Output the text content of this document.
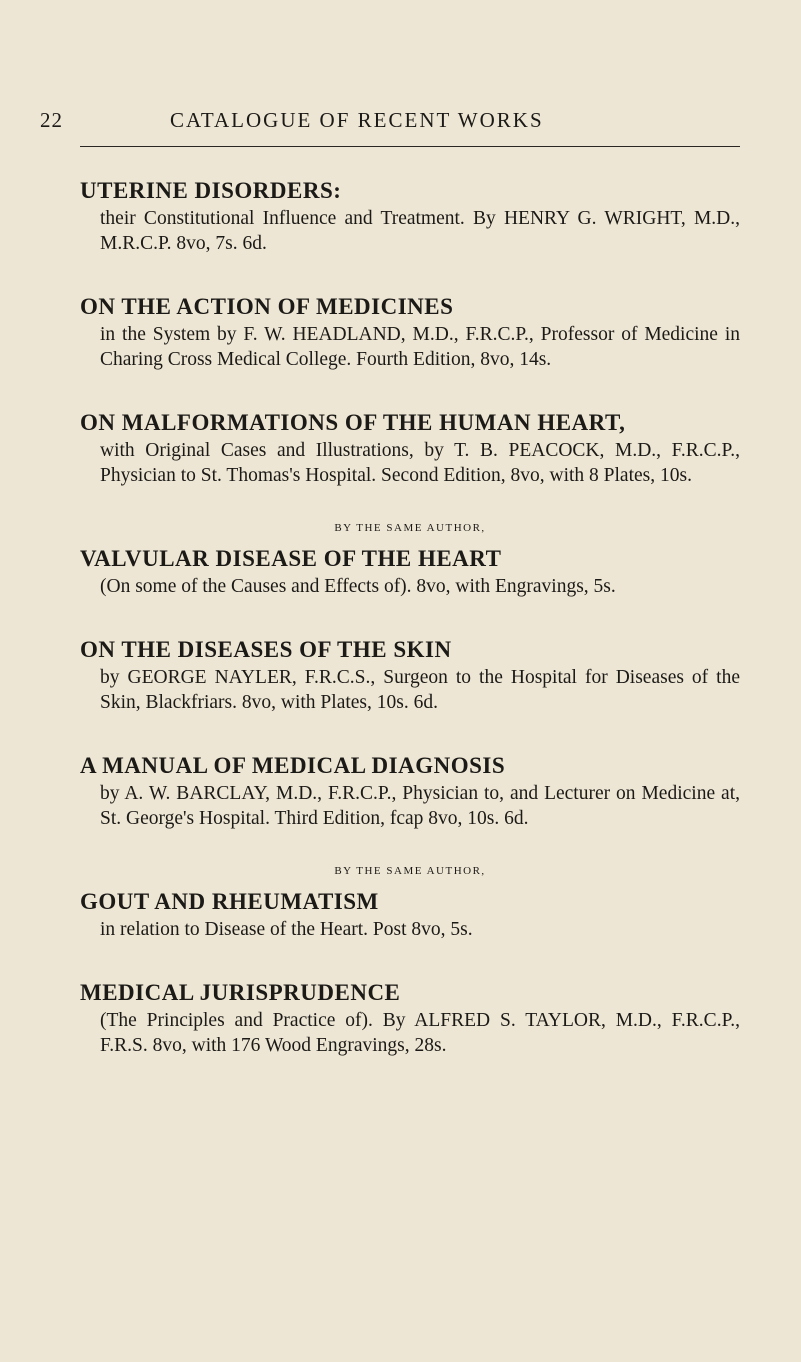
22	CATALOGUE OF RECENT WORKS

UTERINE DISORDERS:

their Constitutional Influence and Treatment. By HENRY G. WRIGHT, M.D., M.R.C.P. 8vo, 7s. 6d.

ON THE ACTION OF MEDICINES

in the System by F. W. HEADLAND, M.D., F.R.C.P., Professor of Medicine in Charing Cross Medical College. Fourth Edition, 8vo, 14s.

ON MALFORMATIONS OF THE HUMAN HEART,

with Original Cases and Illustrations, by T. B. PEACOCK, M.D., F.R.C.P., Physician to St. Thomas's Hospital. Second Edition, 8vo, with 8 Plates, 10s.

BY THE SAME AUTHOR,

VALVULAR DISEASE OF THE HEART

(On some of the Causes and Effects of). 8vo, with Engravings, 5s.

ON THE DISEASES OF THE SKIN

by GEORGE NAYLER, F.R.C.S., Surgeon to the Hospital for Diseases of the Skin, Blackfriars. 8vo, with Plates, 10s. 6d.

A MANUAL OF MEDICAL DIAGNOSIS

by A. W. BARCLAY, M.D., F.R.C.P., Physician to, and Lecturer on Medicine at, St. George's Hospital. Third Edition, fcap 8vo, 10s. 6d.

BY THE SAME AUTHOR,

GOUT AND RHEUMATISM

in relation to Disease of the Heart. Post 8vo, 5s.

MEDICAL JURISPRUDENCE

(The Principles and Practice of). By ALFRED S. TAYLOR, M.D., F.R.C.P., F.R.S. 8vo, with 176 Wood Engravings, 28s.
